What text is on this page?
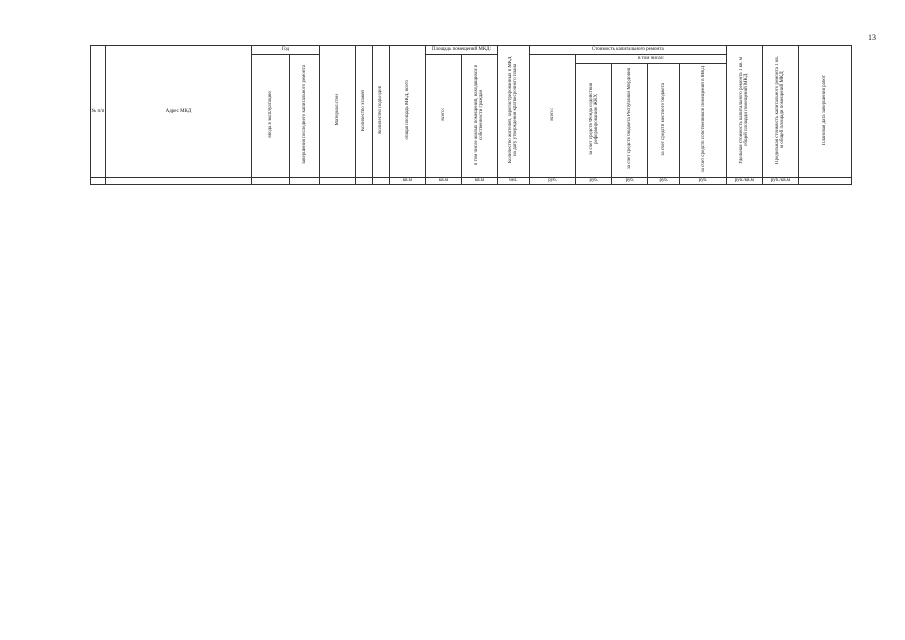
13
№ п/п	Адрес МКД	Год		Материал стен	Количество этажей	Количество подъездов	общая площадь МКД, всего	Площадь помещений МКД:		Количество жителей, зарегистрированных в МКД на дату утверждения краткосрочного плана	Стоимость капитального ремонта					Удельная стоимость капитального ремонта 1 кв. м общей площади помещений МКД	Предельная стоимость капитального ремонта 1 кв. м общей площади помещений МКД	Плановая дата завершения работ
		ввода в эксплуатацию	завершения последнего капитального ремонта					всего:	в том числе жилых помещений, находящихся в собственности граждан		всего:	в том числе:						
												за счет средств Фонда содействия реформированию ЖКХ	за счет средств бюджета Республики Мордовия	за счет средств местного бюджета	за счет средств собственников помещений в МКД			
							кв.м	кв.м	кв.м	чел.	руб.	руб.	руб.	руб.	руб.	руб./кв.м	руб./кв.м	
